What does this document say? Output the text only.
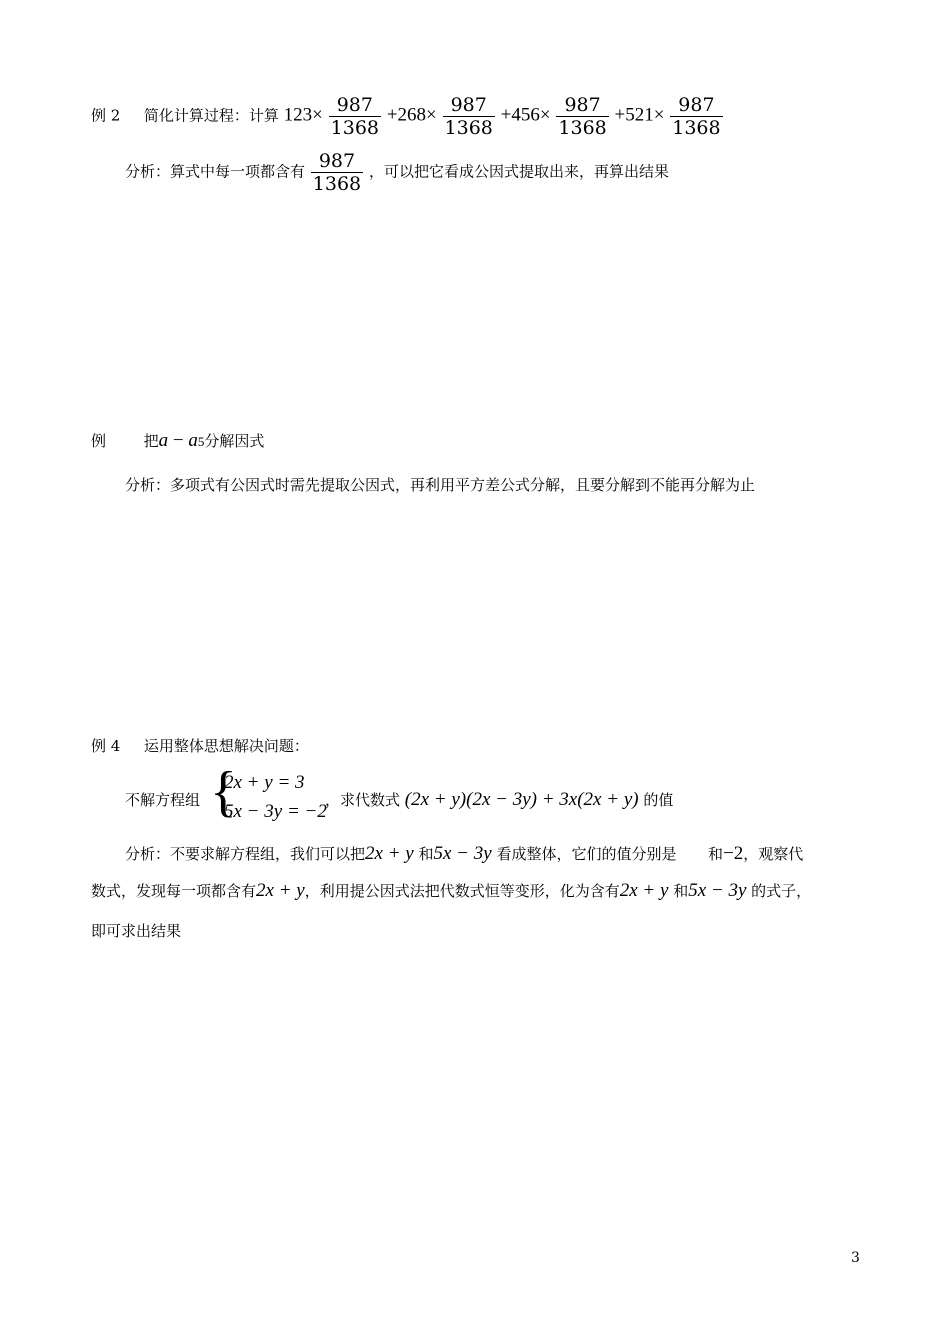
例 2 简化计算过程：计算 $123\times \frac{987}{1368} +268\times \frac{987}{1368} +456\times \frac{987}{1368} +521\times \frac{987}{1368}$
分析：算式中每一项都含有 $\frac{987}{1368}$ ，可以把它看成公因式提取出来，再算出结果
例	把a − a5分解因式
分析：多项式有公因式时需先提取公因式，再利用平方差公式分解，且要分解到不能再分解为止
例 4 运用整体思想解决问题：
不解方程组 {
2x + y = 3
5x − 3y = −2
，求代数式 (2x + y)(2x − 3y) + 3x(2x + y) 的值
分析：不要求解方程组，我们可以把2x + y 和5x − 3y 看成整体，它们的值分别是 和−2，观察代
数式，发现每一项都含有2x + y，利用提公因式法把代数式恒等变形，化为含有2x + y 和5x − 3y 的式子，
即可求出结果
3
